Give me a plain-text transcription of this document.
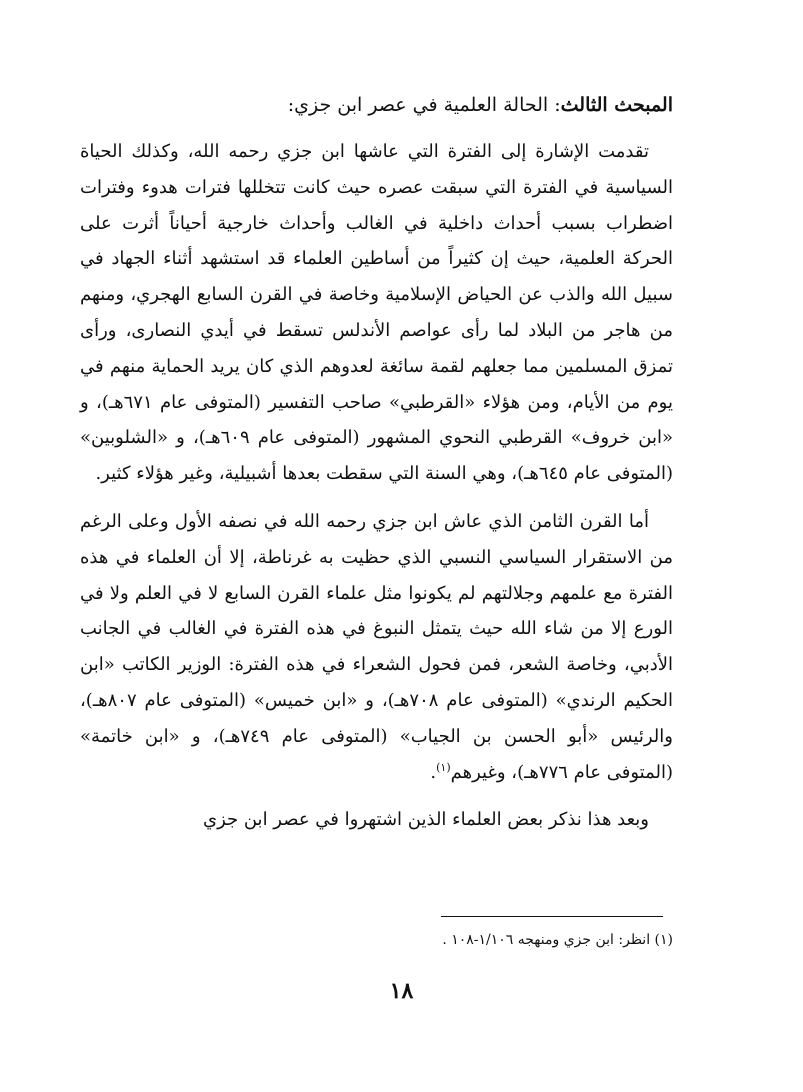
المبحث الثالث: الحالة العلمية في عصر ابن جزي:

تقدمت الإشارة إلى الفترة التي عاشها ابن جزي رحمه الله، وكذلك الحياة السياسية في الفترة التي سبقت عصره حيث كانت تتخللها فترات هدوء وفترات اضطراب بسبب أحداث داخلية في الغالب وأحداث خارجية أحياناً أثرت على الحركة العلمية، حيث إن كثيراً من أساطين العلماء قد استشهد أثناء الجهاد في سبيل الله والذب عن الحياض الإسلامية وخاصة في القرن السابع الهجري، ومنهم من هاجر من البلاد لما رأى عواصم الأندلس تسقط في أيدي النصارى، ورأى تمزق المسلمين مما جعلهم لقمة سائغة لعدوهم الذي كان يريد الحماية منهم في يوم من الأيام، ومن هؤلاء «القرطبي» صاحب التفسير (المتوفى عام ٦٧١هـ)، و «ابن خروف» القرطبي النحوي المشهور (المتوفى عام ٦٠٩هـ)، و «الشلوبين» (المتوفى عام ٦٤٥هـ)، وهي السنة التي سقطت بعدها أشبيلية، وغير هؤلاء كثير.

أما القرن الثامن الذي عاش ابن جزي رحمه الله في نصفه الأول وعلى الرغم من الاستقرار السياسي النسبي الذي حظيت به غرناطة، إلا أن العلماء في هذه الفترة مع علمهم وجلالتهم لم يكونوا مثل علماء القرن السابع لا في العلم ولا في الورع إلا من شاء الله حيث يتمثل النبوغ في هذه الفترة في الغالب في الجانب الأدبي، وخاصة الشعر، فمن فحول الشعراء في هذه الفترة: الوزير الكاتب «ابن الحكيم الرندي» (المتوفى عام ٧٠٨هـ)، و «ابن خميس» (المتوفى عام ٨٠٧هـ)، والرئيس «أبو الحسن بن الجياب» (المتوفى عام ٧٤٩هـ)، و «ابن خاتمة» (المتوفى عام ٧٧٦هـ)، وغيرهم$^{(١)}$.

وبعد هذا نذكر بعض العلماء الذين اشتهروا في عصر ابن جزي

(١) انظر: ابن جزي ومنهجه ١/١٠٦-١٠٨ .
١٨
